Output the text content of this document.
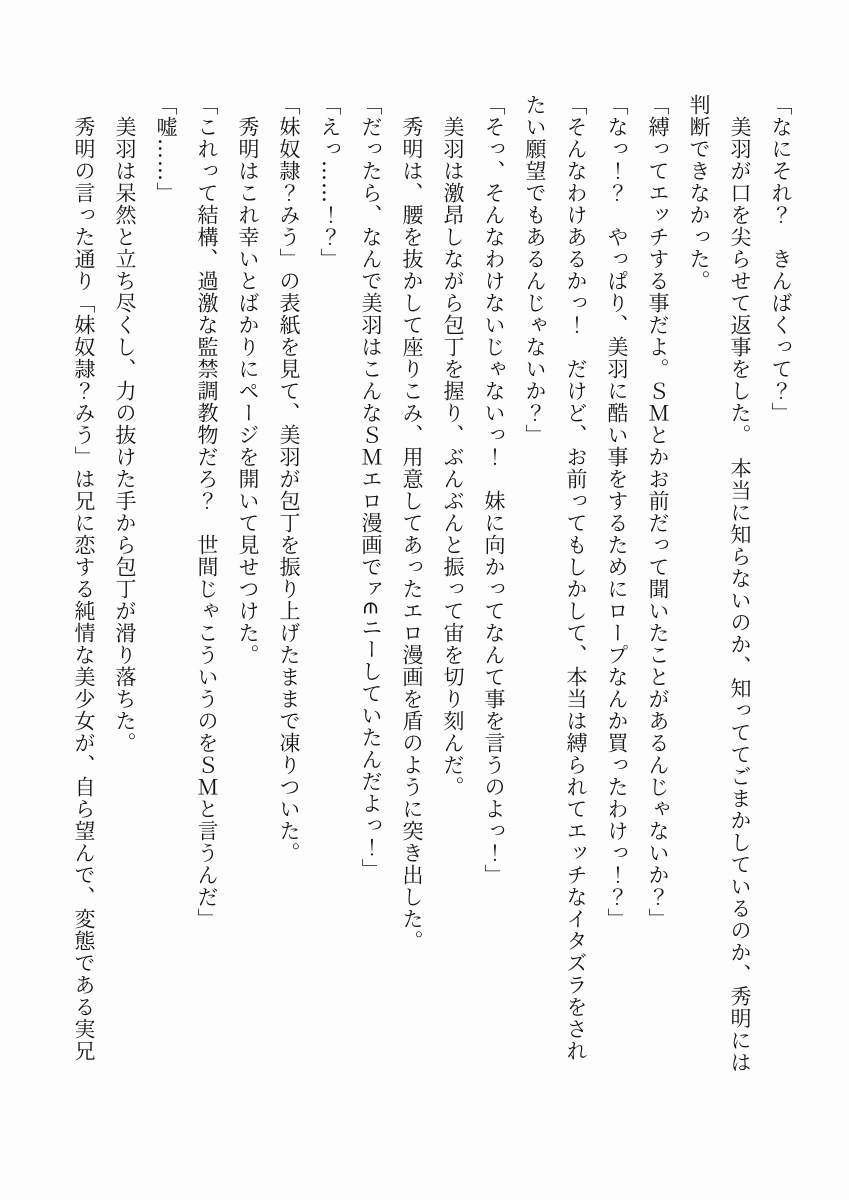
「なにそれ？　きんばくって？」

美羽が口を尖らせて返事をした。　本当に知らないのか、知っててごまかしているのか、秀明には
判断できなかった。

「縛ってエッチする事だよ。ＳＭとかお前だって聞いたことがあるんじゃないか？」

「なっ！？　やっぱり、美羽に酷い事をするためにロープなんか買ったわけっ！？」

「そんなわけあるかっ！　だけど、お前ってもしかして、本当は縛られてエッチなイタズラをされ
たい願望でもあるんじゃないか？」

「そっ、そんなわけないじゃないっ！　妹に向かってなんて事を言うのよっ！」

美羽は激昂しながら包丁を握り、ぶんぶんと振って宙を切り刻んだ。

秀明は、腰を抜かして座りこみ、用意してあったエロ漫画を盾のように突き出した。

「だったら、なんで美羽はこんなＳＭエロ漫画でァ∈ニーしていたんだよっ！」

「えっ……！？」

「妹奴隷？みう」の表紙を見て、美羽が包丁を振り上げたままで凍りついた。

秀明はこれ幸いとばかりにページを開いて見せつけた。

「これって結構、過激な監禁調教物だろ？　世間じゃこういうのをＳＭと言うんだ」

「嘘……」

美羽は呆然と立ち尽くし、力の抜けた手から包丁が滑り落ちた。

秀明の言った通り「妹奴隷？みう」は兄に恋する純情な美少女が、自ら望んで、変態である実兄
